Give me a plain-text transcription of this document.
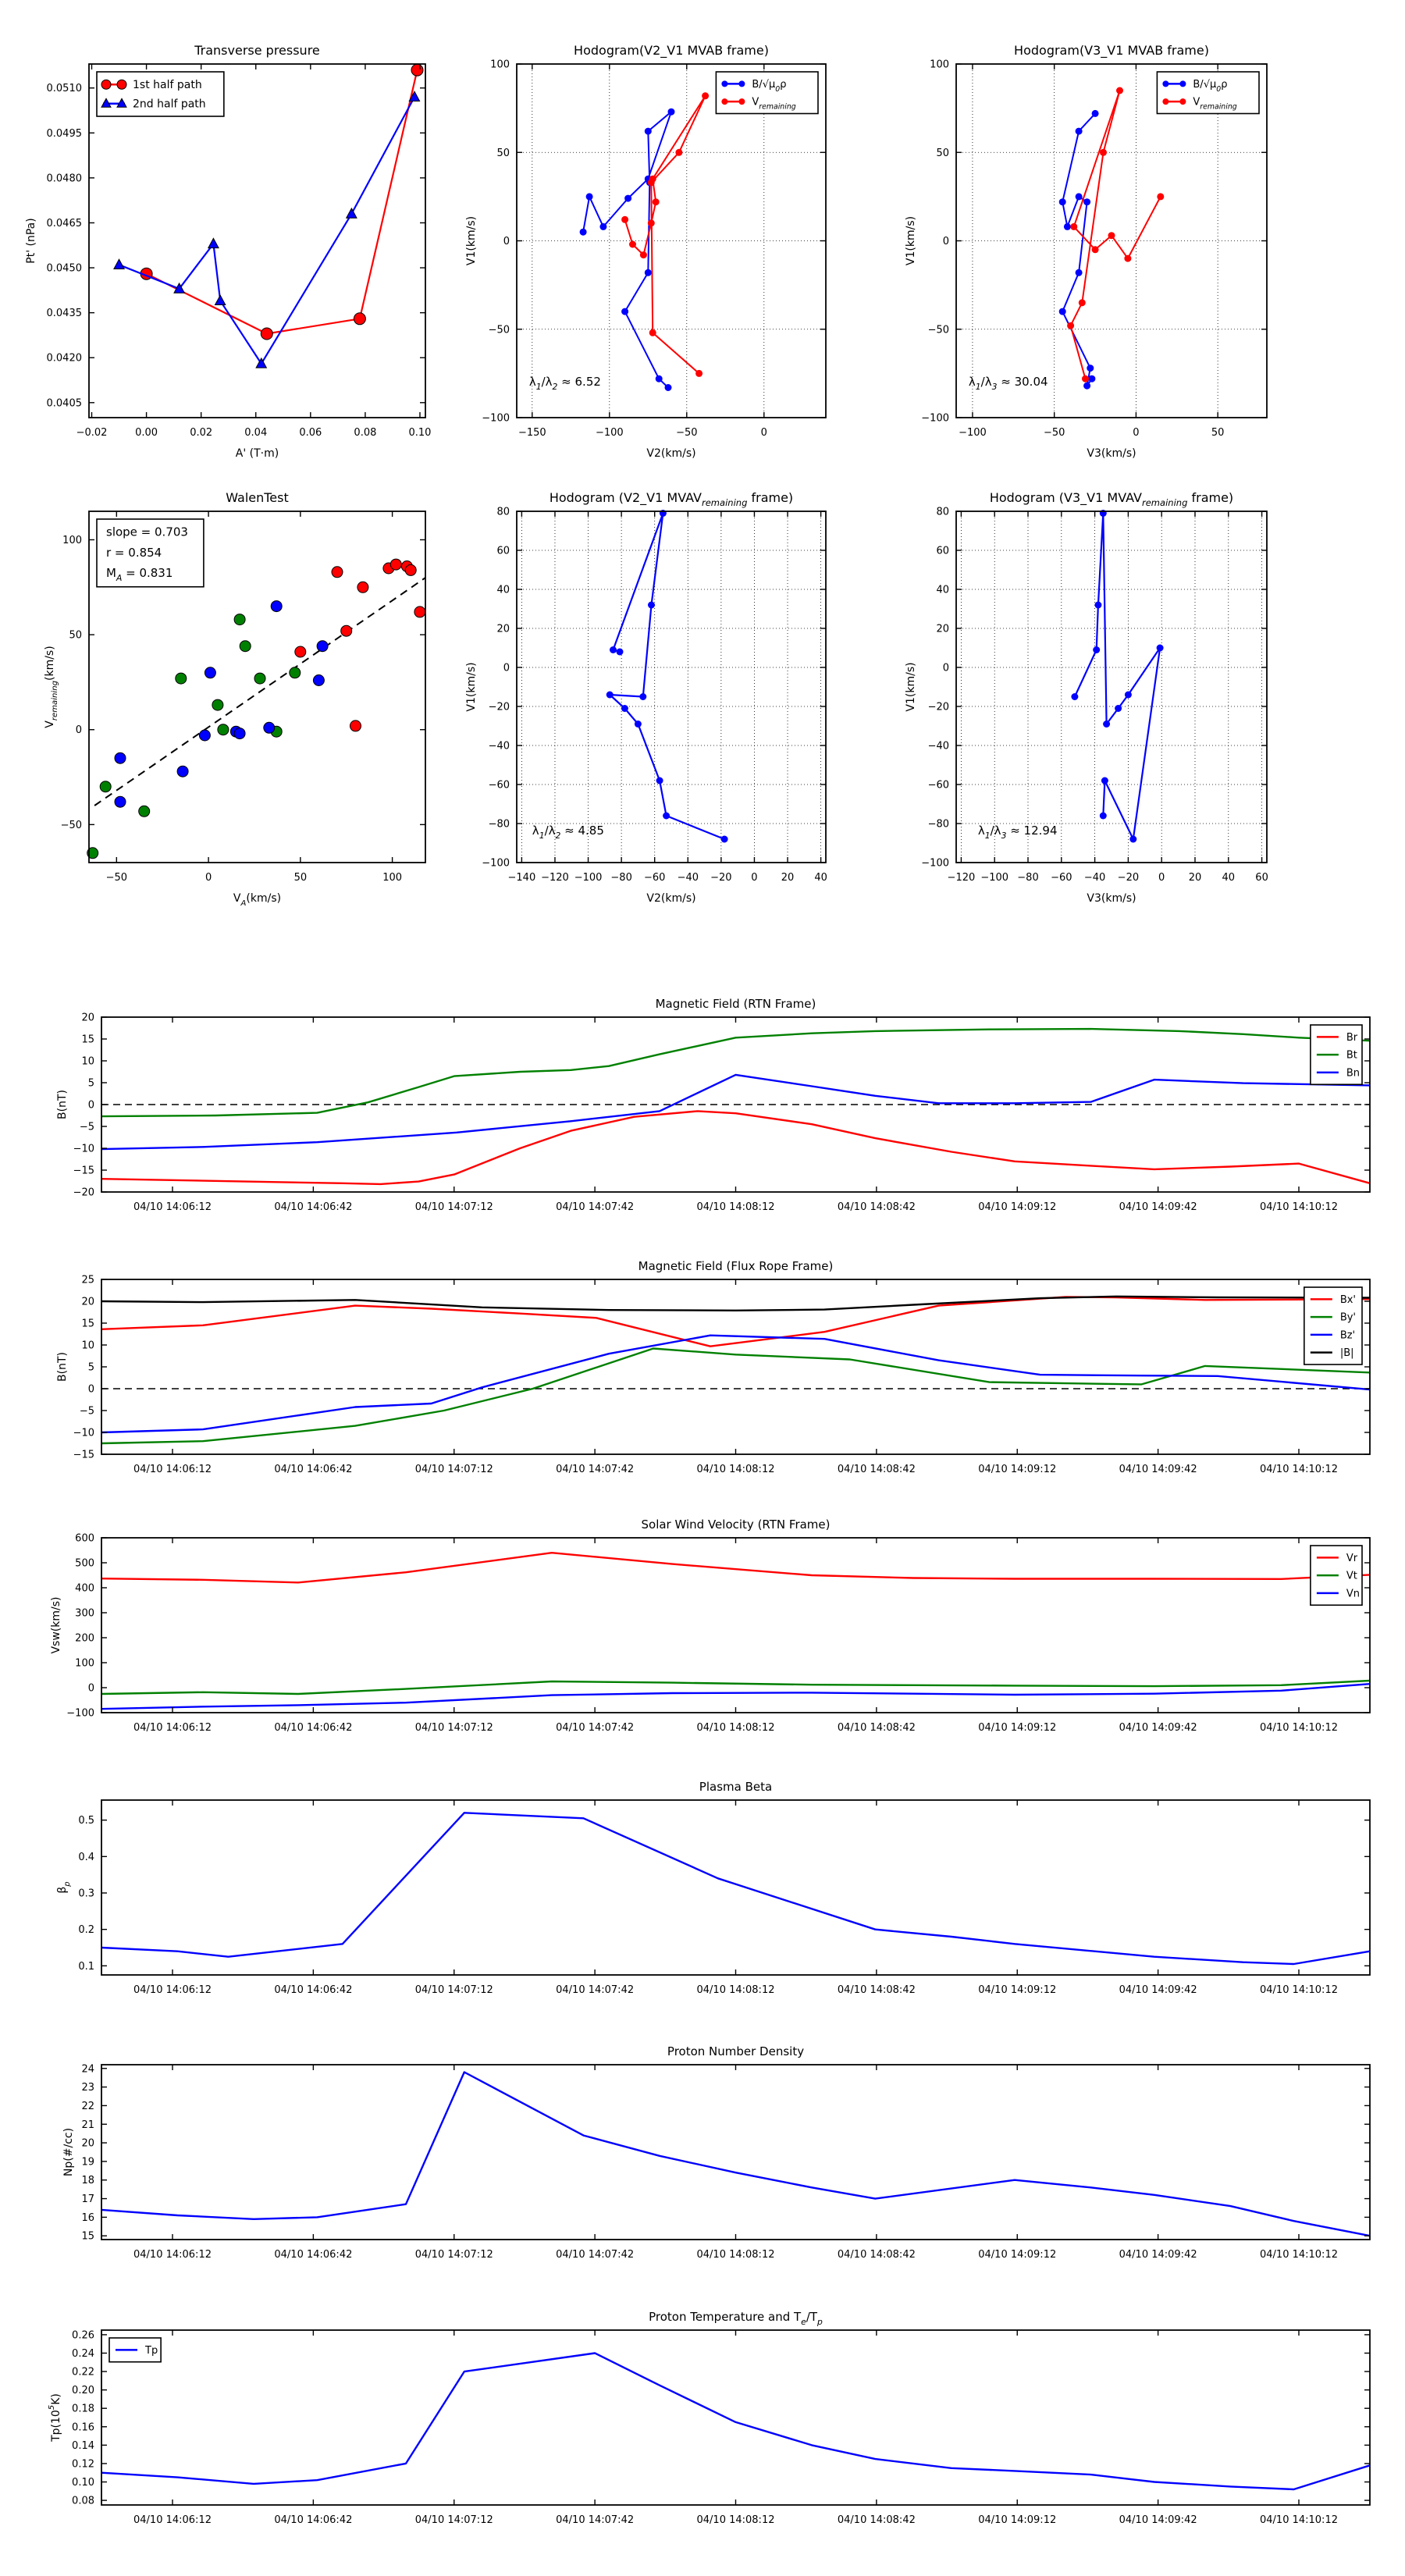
−0.02	0.00	0.02	0.04	0.06	0.08	0.10
0.0405
0.0420
0.0435
0.0450
0.0465
0.0480
0.0495
0.0510
Transverse pressure
A' (T·m)
Pt' (nPa)
1st half path
2nd half path
−150	−100	−50	0
−100
−50
0
50
100
Hodogram(V2_V1 MVAB frame)
V2(km/s)
V1(km/s)
$\lambda_1/\lambda_2 \approx 6.52$
$B/√\mu_0\rho$
$V_{remaining}$
−100	−50	0	50
−100
−50
0
50
100
Hodogram(V3_V1 MVAB frame)
V3(km/s)
V1(km/s)
$\lambda_1/\lambda_3 \approx 30.04$
$B/√\mu_0\rho$
$V_{remaining}$
−50	0	50	100
−50
0
50
100
WalenTest
$V_A(km/s)$
$V_{remaining}(km/s)$
slope = 0.703
r = 0.854
$M_A = 0.831$
−140 −120 −100 −80 −60 −40 −20 0 20 40
−100
−80
−60
−40
−20
0
20
40
60
80
Hodogram (V2_V1 $MVAV_{remaining}$ frame)
V2(km/s)
V1(km/s)
$\lambda_1/\lambda_2 \approx 4.85$
−120 −100 −80 −60 −40 −20 0 20 40 60
−100
−80
−60
−40
−20
0
20
40
60
80
Hodogram (V3_V1 $MVAV_{remaining}$ frame)
V3(km/s)
V1(km/s)
$\lambda_1/\lambda_3 \approx 12.94$
04/10 14:06:12	04/10 14:06:42	04/10 14:07:12	04/10 14:07:42	04/10 14:08:12	04/10 14:08:42	04/10 14:09:12	04/10 14:09:42	04/10 14:10:12
−20
−15
−10
−5
0
5
10
15
20
Magnetic Field (RTN Frame)
B(nT)
Br
Bt
Bn
04/10 14:06:12	04/10 14:06:42	04/10 14:07:12	04/10 14:07:42	04/10 14:08:12	04/10 14:08:42	04/10 14:09:12	04/10 14:09:42	04/10 14:10:12
−15
−10
−5
0
5
10
15
20
25
Magnetic Field (Flux Rope Frame)
B(nT)
Bx'
By'
Bz'
|B|
04/10 14:06:12	04/10 14:06:42	04/10 14:07:12	04/10 14:07:42	04/10 14:08:12	04/10 14:08:42	04/10 14:09:12	04/10 14:09:42	04/10 14:10:12
−100
0
100
200
300
400
500
600
Solar Wind Velocity (RTN Frame)
Vsw(km/s)
Vr
Vt
Vn
04/10 14:06:12	04/10 14:06:42	04/10 14:07:12	04/10 14:07:42	04/10 14:08:12	04/10 14:08:42	04/10 14:09:12	04/10 14:09:42	04/10 14:10:12
0.1
0.2
0.3
0.4
0.5
Plasma Beta
$\beta_p$
04/10 14:06:12	04/10 14:06:42	04/10 14:07:12	04/10 14:07:42	04/10 14:08:12	04/10 14:08:42	04/10 14:09:12	04/10 14:09:42	04/10 14:10:12
15
16
17
18
19
20
21
22
23
24
Proton Number Density
Np(#/cc)
04/10 14:06:12	04/10 14:06:42	04/10 14:07:12	04/10 14:07:42	04/10 14:08:12	04/10 14:08:42	04/10 14:09:12	04/10 14:09:42	04/10 14:10:12
0.08
0.10
0.12
0.14
0.16
0.18
0.20
0.22
0.24
0.26
Proton Temperature and $T_e/T_p$
$Tp(10^5K)$
Tp
